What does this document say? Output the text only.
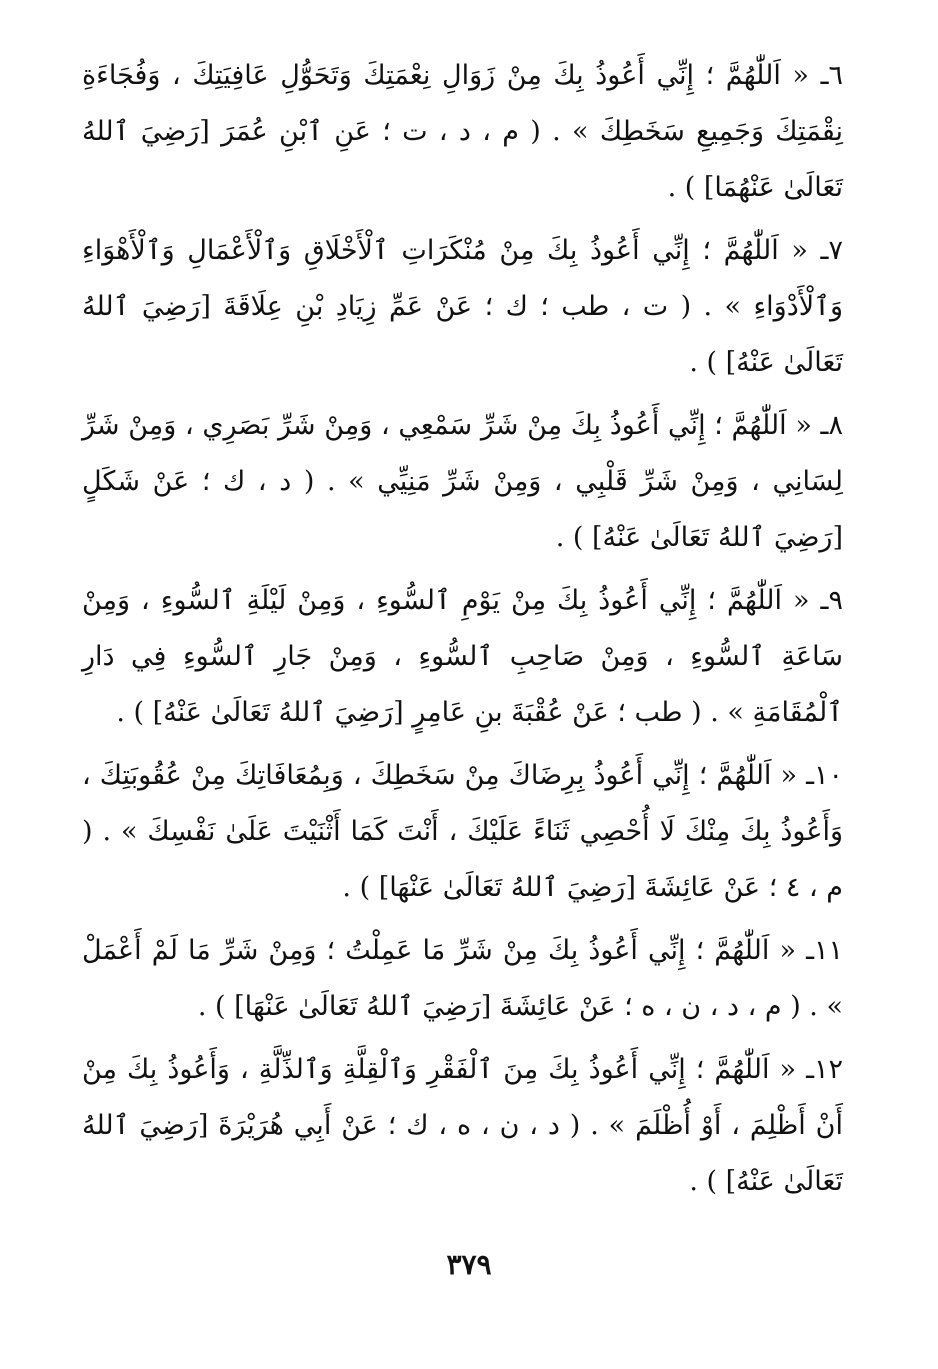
٦ـ « اَللّٰهُمَّ ؛ إِنِّي أَعُوذُ بِكَ مِنْ زَوَالِ نِعْمَتِكَ وَتَحَوُّلِ عَافِيَتِكَ ، وَفُجَاءَةِ نِقْمَتِكَ وَجَمِيعِ سَخَطِكَ » . ( م ، د ، ت ؛ عَنِ ٱبْنِ عُمَرَ [رَضِيَ ٱللهُ تَعَالَىٰ عَنْهُمَا] ) .
٧ـ « اَللّٰهُمَّ ؛ إِنِّي أَعُوذُ بِكَ مِنْ مُنْكَرَاتِ ٱلْأَخْلَاقِ وَٱلْأَعْمَالِ وَٱلْأَهْوَاءِ وَٱلْأَدْوَاءِ » . ( ت ، طب ؛ ك ؛ عَنْ عَمِّ زِيَادِ بْنِ عِلَاقَةَ [رَضِيَ ٱللهُ تَعَالَىٰ عَنْهُ] ) .
٨ـ « اَللّٰهُمَّ ؛ إِنِّي أَعُوذُ بِكَ مِنْ شَرِّ سَمْعِي ، وَمِنْ شَرِّ بَصَرِي ، وَمِنْ شَرِّ لِسَانِي ، وَمِنْ شَرِّ قَلْبِي ، وَمِنْ شَرِّ مَنِيِّي » . ( د ، ك ؛ عَنْ شَكَلٍ [رَضِيَ ٱللهُ تَعَالَىٰ عَنْهُ] ) .
٩ـ « اَللّٰهُمَّ ؛ إِنِّي أَعُوذُ بِكَ مِنْ يَوْمِ ٱلسُّوءِ ، وَمِنْ لَيْلَةِ ٱلسُّوءِ ، وَمِنْ سَاعَةِ ٱلسُّوءِ ، وَمِنْ صَاحِبِ ٱلسُّوءِ ، وَمِنْ جَارِ ٱلسُّوءِ فِي دَارِ ٱلْمُقَامَةِ » . ( طب ؛ عَنْ عُقْبَةَ بنِ عَامِرٍ [رَضِيَ ٱللهُ تَعَالَىٰ عَنْهُ] ) .
١٠ـ « اَللّٰهُمَّ ؛ إِنِّي أَعُوذُ بِرِضَاكَ مِنْ سَخَطِكَ ، وَبِمُعَافَاتِكَ مِنْ عُقُوبَتِكَ ، وَأَعُوذُ بِكَ مِنْكَ لَا أُحْصِي ثَنَاءً عَلَيْكَ ، أَنْتَ كَمَا أَثْنَيْتَ عَلَىٰ نَفْسِكَ » . ( م ، ٤ ؛ عَنْ عَائِشَةَ [رَضِيَ ٱللهُ تَعَالَىٰ عَنْهَا] ) .
١١ـ « اَللّٰهُمَّ ؛ إِنِّي أَعُوذُ بِكَ مِنْ شَرِّ مَا عَمِلْتُ ؛ وَمِنْ شَرِّ مَا لَمْ أَعْمَلْ » . ( م ، د ، ن ، ه ؛ عَنْ عَائِشَةَ [رَضِيَ ٱللهُ تَعَالَىٰ عَنْهَا] ) .
١٢ـ « اَللّٰهُمَّ ؛ إِنِّي أَعُوذُ بِكَ مِنَ ٱلْفَقْرِ وَٱلْقِلَّةِ وَٱلذِّلَّةِ ، وَأَعُوذُ بِكَ مِنْ أَنْ أَظْلِمَ ، أَوْ أُظْلَمَ » . ( د ، ن ، ه ، ك ؛ عَنْ أَبِي هُرَيْرَةَ [رَضِيَ ٱللهُ تَعَالَىٰ عَنْهُ] ) .
٣٧٩
